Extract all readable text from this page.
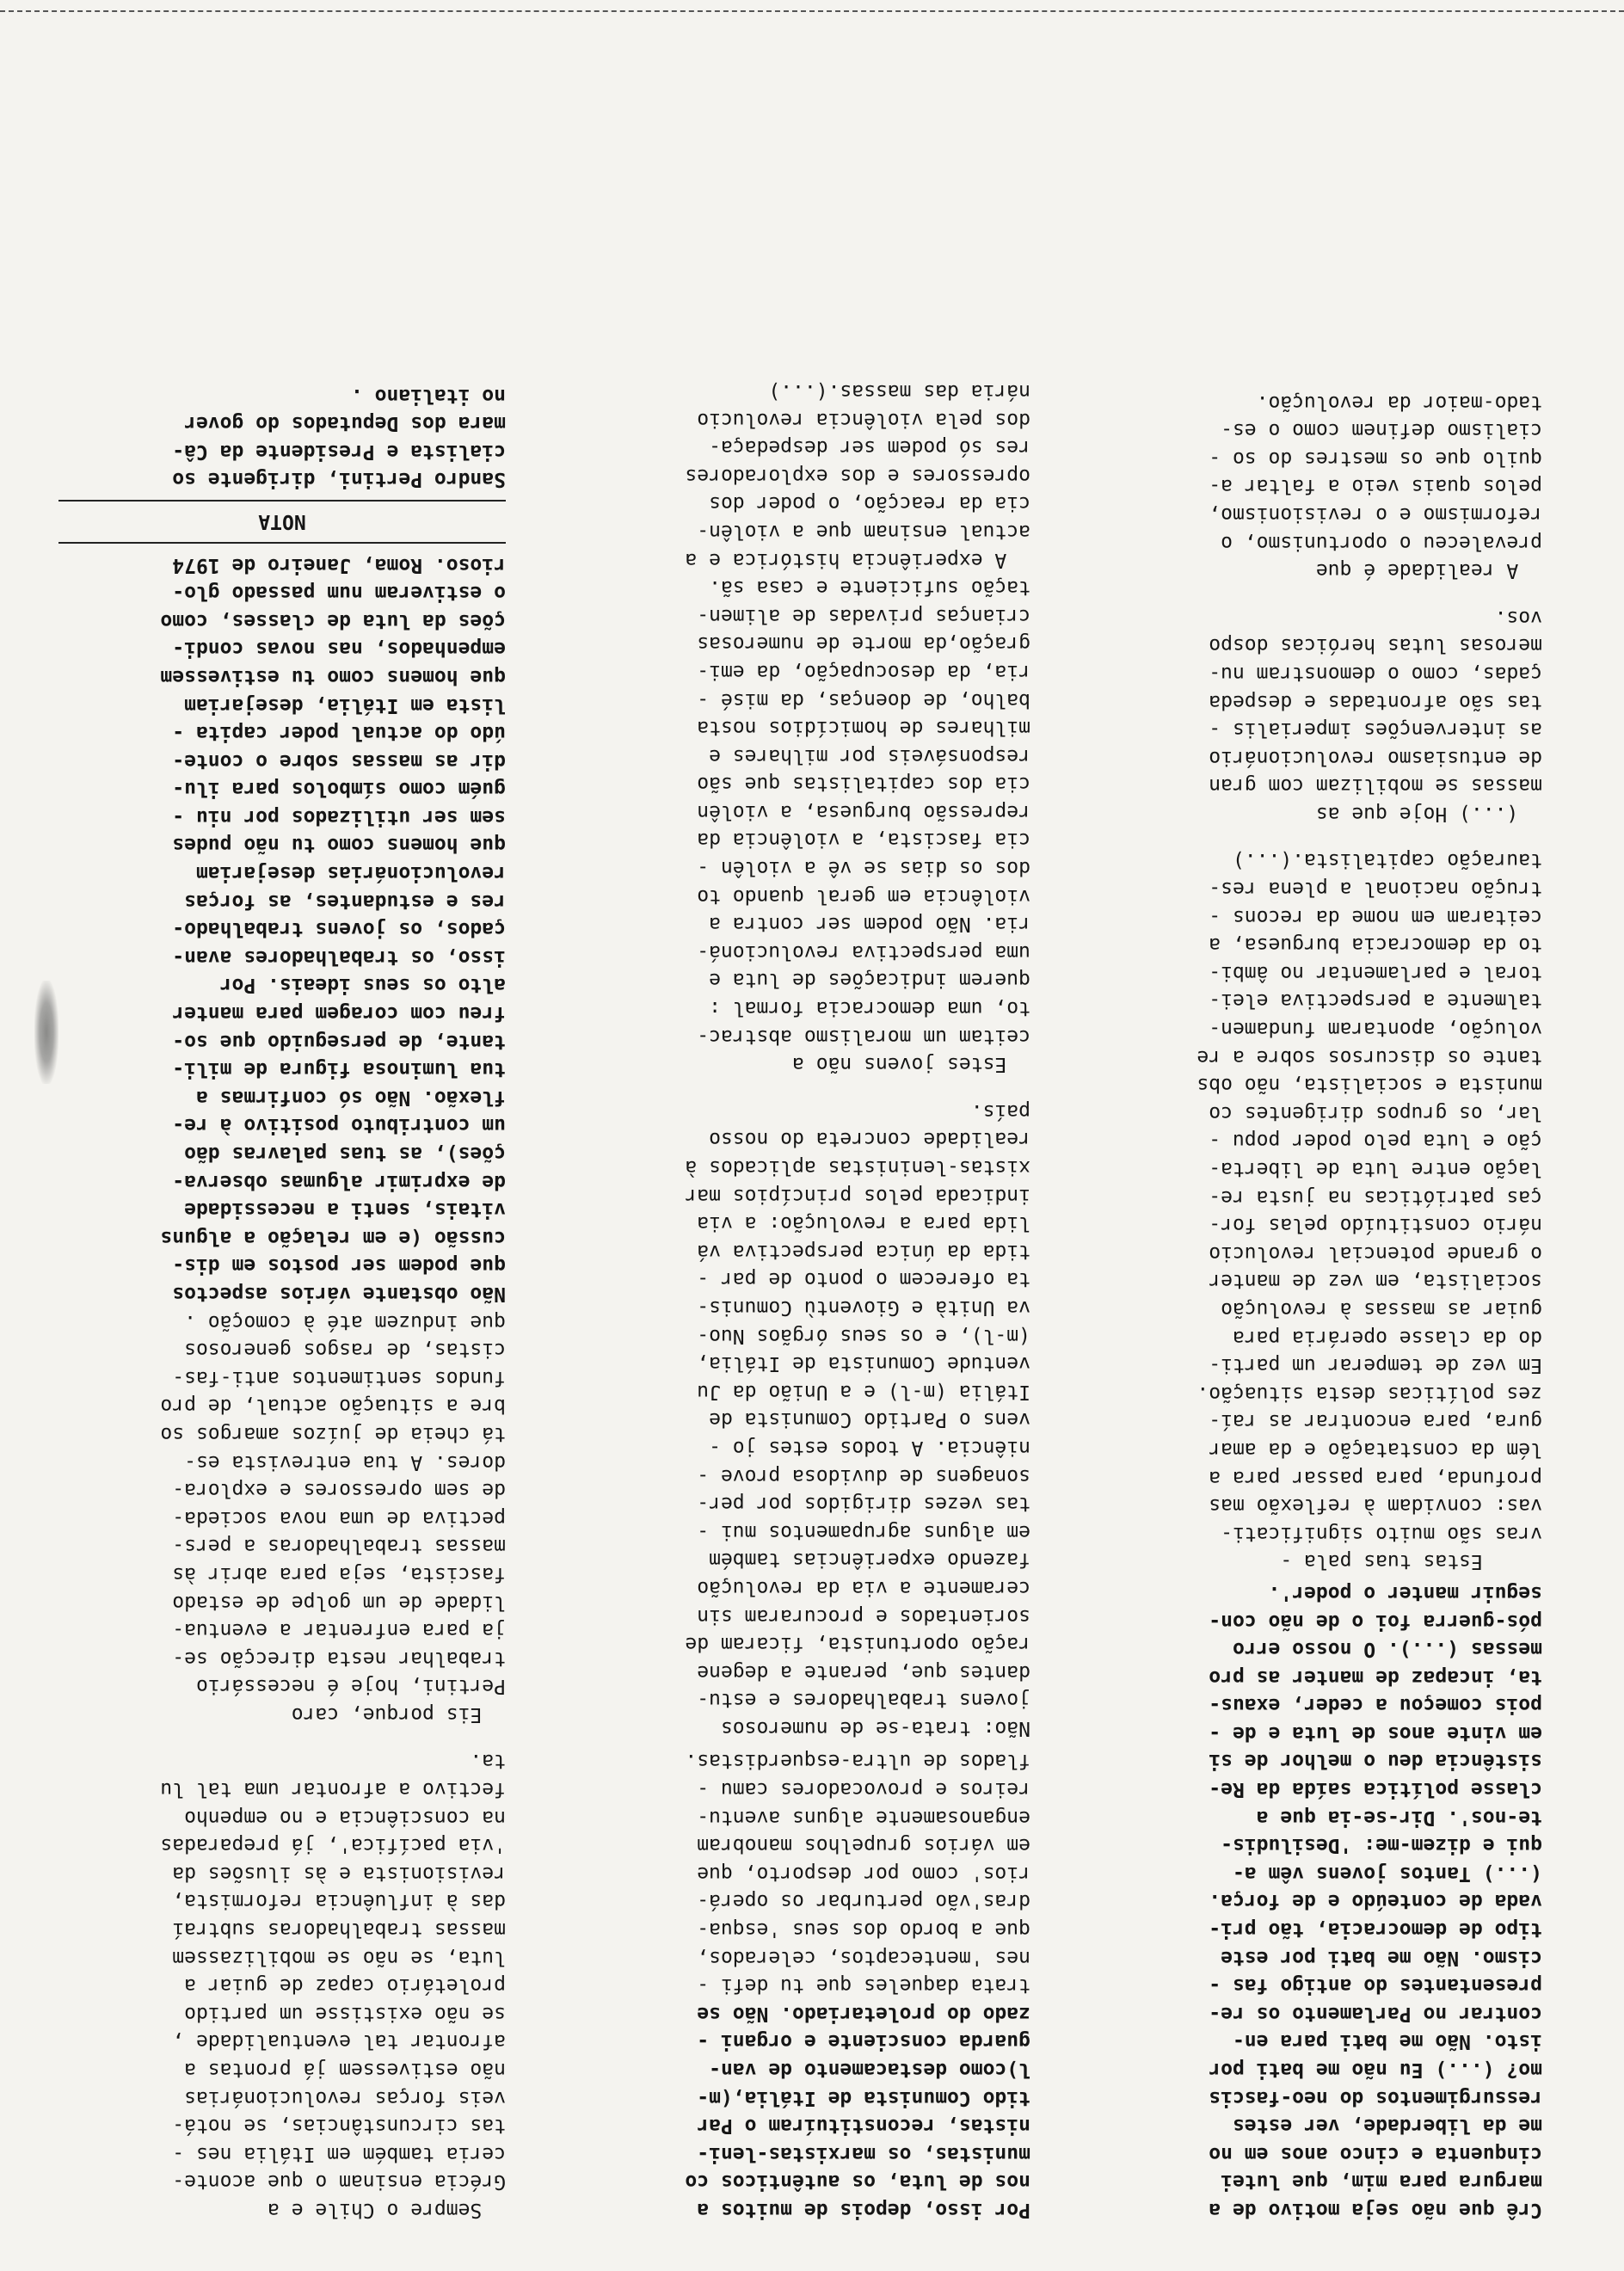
Crê que não seja motivo de a
margura para mim, que lutei
cinquenta e cinco anos em no
me da liberdade, ver estes
ressurgimentos do neo-fascis
mo? (...) Eu não me bati por
isto. Não me bati para en-
contrar no Parlamento os re-
presentantes do antigo fas -
cismo. Não me bati por este
tipo de democracia, tão pri-
vada de conteúdo e de força.
(...) Tantos jovens vêm a-
qui e dizem-me: 'Desiludis-
te-nos'. Dir-se-ia que a
classe política saída da Re-
sistência deu o melhor de si
em vinte anos de luta e de -
pois começou a ceder, exaus-
ta, incapaz de manter as pro
messas (...). O nosso erro
pós-guerra foi o de não con-
seguir manter o poder'.
Estas tuas pala -
vras são muito significati-
vas: convidam à reflexão mas
profunda, para passar para a
lém da constatação e da amar
gura, para encontrar as raí-
zes políticas desta situação.
Em vez de temperar um parti-
do da classe operária para
guiar as massas à revolução
socialista, em vez de manter
o grande potencial revolucio
nário constituído pelas for-
ças patrióticas na justa re-
lação entre luta de liberta-
ção e luta pelo poder popu -
lar, os grupos dirigentes co
munista e socialista, não obs
tante os discursos sobre a re
volução, apontaram fundamen-
talmente a perspectiva elei-
toral e parlamentar no âmbi-
to da democracia burguesa, a
ceitaram em nome da recons -
trução nacional a plena res-
tauração capitalista.(...)
(...) Hoje que as
massas se mobilizam com gran
de entusiasmo revolucionário
as intervenções imperialis -
tas são afrontadas e despeda
çadas, como o demonstram nu-
merosas lutas heróicas dospo
vos.
A realidade é que
prevaleceu o oportunismo, o
reformismo e o revisionismo,
pelos quais veio a faltar a-
quilo que os mestres do so -
cialismo definem como o es-
tado-maior da revolução.
Por isso, depois de muitos a
nos de luta, os autênticos co
munistas, os marxistas-leni-
nistas, reconstituíram o Par
tido Comunista de Itália,(m-
l)como destacamento de van-
guarda consciente e organi -
zado do proletariado. Não se
trata daqueles que tu defi -
nes 'mentecaptos, celerados,
que a bordo dos seus 'esqua-
dras'vão perturbar os operá-
rios' como por desporto, que
em vários grupelhos manobram
enganosamente alguns aventu-
reiros e provocadores camu -
flados de ultra-esquerdistas.
Não: trata-se de numerosos
jovens trabalhadores e estu-
dantes que, perante a degene
ração oportunista, ficaram de
sorientados e procuraram sin
ceramente a via da revolução
fazendo experiências também
em alguns agrupamentos mui -
tas vezes dirigidos por per-
sonagens de duvidosa prove -
niência. A todos estes jo -
vens o Partido Comunista de
Itália (m-l) e a União da Ju
ventude Comunista de Itália,
(m-l), e os seus órgãos Nuo-
va Unità e Gioventù Comunis-
ta oferecem o ponto de par -
tida da única perspectiva vá
lida para a revolução: a via
indicada pelos princípios mar
xistas-leninistas aplicados à
realidade concreta do nosso
país.
Estes jovens não a
ceitam um moralismo abstrac-
to, uma democracia formal :
querem indicações de luta e
uma perspectiva revolucioná-
ria. Não podem ser contra a
violência em geral quando to
dos os dias se vê a violên -
cia fascista, a violência da
repressão burguesa, a violên
cia dos capitalistas que são
responsáveis por milhares e
milhares de homicídios nosta
balho, de doenças, da misé -
ria, da desocupação, da emi-
gração,da morte de numerosas
crianças privadas de alimen-
tação suficiente e casa sã.
A experiência histórica e a
actual ensinam que a violên-
cia da reacção, o poder dos
opressores e dos exploradores
res só podem ser despedaça-
dos pela violência revolucio
nária das massas.(...)
Sempre o Chile e a
Grécia ensinam o que aconte-
ceria também em Itália nes -
tas circunstâncias, se notá-
veis forças revolucionárias
não estivessem já prontas a
afrontar tal eventualidade ,
se não existisse um partido
proletário capaz de guiar a
luta, se não se mobilizassem
massas trabalhadoras subtraí
das à influência reformista,
revisionista e às ilusões da
'via pacífica', já preparadas
na consciência e no empenho
fectivo a afrontar uma tal lu
ta.
Eis porque, caro
Pertini, hoje é necessário
trabalhar nesta direcção se-
ja para enfrentar a eventua-
lidade de um golpe de estado
fascista, seja para abrir às
massas trabalhadoras a pers-
pectiva de uma nova socieda-
de sem opressores e explora-
dores. A tua entrevista es-
tá cheia de juízos amargos so
bre a situação actual, de pro
fundos sentimentos anti-fas-
cistas, de rasgos generosos
que induzem até à comoção .
Não obstante vários aspectos
que podem ser postos em dis-
cussão (e em relação a alguns
vitais, senti a necessidade
de exprimir algumas observa-
ções), as tuas palavras dão
um contributo positivo à re-
flexão. Não só confirmas a
tua luminosa figura de mili-
tante, de perseguido que so-
freu com coragem para manter
alto os seus ideais. Por
isso, os trabalhadores avan-
çados, os jovens trabalhado-
res e estudantes, as forças
revolucionárias desejariam
que homens como tu não pudes
sem ser utilizados por niu -
guém como símbolos para ilu-
dir as massas sobre o conte-
údo do actual poder capita -
lista em Itália, desejariam
que homens como tu estivessem
empenhados, nas novas condi-
ções da luta de classes, como
o estiveram num passado glo-
rioso. Roma, Janeiro de 1974
NOTA
Sandro Pertini, dirigente so
cialista e Presidente da Câ-
mara dos Deputados do gover
no italiano .
